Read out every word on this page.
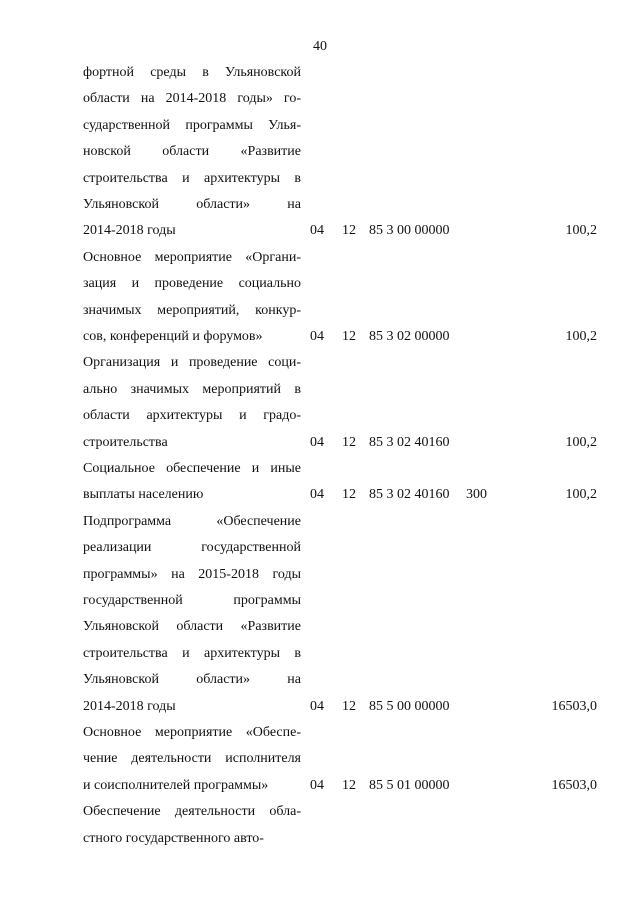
40
фортной среды в Ульяновской
области на 2014-2018 годы» го-
сударственной программы Улья-
новской области «Развитие
строительства и архитектуры в
Ульяновской области» на
2014-2018 годы	04 12 85 3 00 00000	100,2
Основное мероприятие «Органи-
зация и проведение социально
значимых мероприятий, конкур-
сов, конференций и форумов»	04 12 85 3 02 00000	100,2
Организация и проведение соци-
ально значимых мероприятий в
области архитектуры и градо-
строительства	04 12 85 3 02 40160	100,2
Социальное обеспечение и иные
выплаты населению	04 12 85 3 02 40160 300	100,2
Подпрограмма «Обеспечение
реализации государственной
программы» на 2015-2018 годы
государственной программы
Ульяновской области «Развитие
строительства и архитектуры в
Ульяновской области» на
2014-2018 годы	04 12 85 5 00 00000	16503,0
Основное мероприятие «Обеспе-
чение деятельности исполнителя
и соисполнителей программы»	04 12 85 5 01 00000	16503,0
Обеспечение деятельности обла-
стного государственного авто-
